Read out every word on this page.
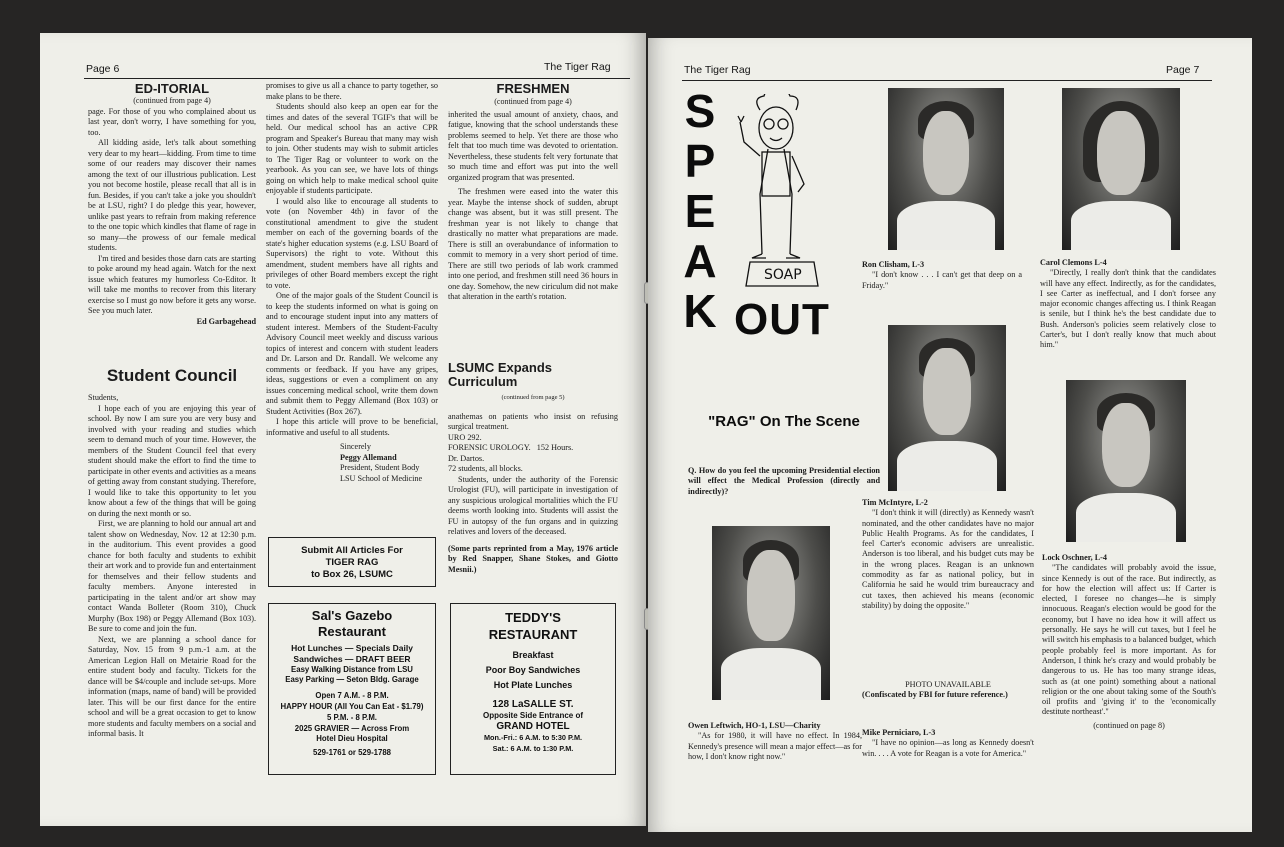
Page 6	The Tiger Rag
ED-ITORIAL
(continued from page 4)

page. For those of you who complained about us last year, don't worry, I have something for you, too.

All kidding aside, let's talk about something very dear to my heart—kidding. From time to time some of our readers may discover their names among the text of our illustrious publication. Lest you not become hostile, please recall that all is in fun. Besides, if you can't take a joke you shouldn't be at LSU, right? I do pledge this year, however, unlike past years to refrain from making reference to the one topic which kindles that flame of rage in so many—the prowess of our female medical students.

I'm tired and besides those darn cats are starting to poke around my head again. Watch for the next issue which features my humorless Co-Editor. It will take me months to recover from this literary exercise so I must go now before it gets any worse. See you much later.

Ed Garbagehead
Student Council

Students,

I hope each of you are enjoying this year of school. By now I am sure you are very busy and involved with your reading and studies which seem to demand much of your time. However, the members of the Student Council feel that every student should make the effort to find the time to participate in other events and activities as a means of getting away from constant studying. Therefore, I would like to take this opportunity to let you know about a few of the things that will be going on during the next month or so.

First, we are planning to hold our annual art and talent show on Wednesday, Nov. 12 at 12:30 p.m. in the auditorium. This event provides a good chance for both faculty and students to exhibit their art work and to provide fun and entertainment for themselves and their fellow students and faculty members. Anyone interested in participating in the talent and/or art show may contact Wanda Bolleter (Room 310), Chuck Murphy (Box 198) or Peggy Allemand (Box 103). Be sure to come and join the fun.

Next, we are planning a school dance for Saturday, Nov. 15 from 9 p.m.-1 a.m. at the American Legion Hall on Metairie Road for the entire student body and faculty. Tickets for the dance will be $4/couple and include set-ups. More information (maps, name of band) will be provided later. This will be our first dance for the entire school and will be a great occasion to get to know more students and faculty members on a social and informal basis. It

promises to give us all a chance to party together, so make plans to be there.

Students should also keep an open ear for the times and dates of the several TGIF's that will be held. Our medical school has an active CPR program and Speaker's Bureau that many may wish to join. Other students may wish to submit articles to The Tiger Rag or volunteer to work on the yearbook. As you can see, we have lots of things going on which help to make medical school quite enjoyable if students participate.

I would also like to encourage all students to vote (on November 4th) in favor of the constitutional amendment to give the student member on each of the governing boards of the state's higher education systems (e.g. LSU Board of Supervisors) the right to vote. Without this amendment, student members have all rights and privileges of other Board members except the right to vote.

One of the major goals of the Student Council is to keep the students informed on what is going on and to encourage student input into any matters of student interest. Members of the Student-Faculty Advisory Council meet weekly and discuss various topics of interest and concern with student leaders and Dr. Larson and Dr. Randall. We welcome any comments or feedback. If you have any gripes, ideas, suggestions or even a compliment on any issues concerning medical school, write them down and submit them to Peggy Allemand (Box 103) or Student Activities (Box 267).

I hope this article will prove to be beneficial, informative and useful to all students.

Sincerely
Peggy Allemand
President, Student Body
LSU School of Medicine
Submit All Articles For
TIGER RAG
to Box 26, LSUMC
Sal's Gazebo
Restaurant
Hot Lunches — Specials Daily
Sandwiches — DRAFT BEER
Easy Walking Distance from LSU
Easy Parking — Seton Bldg. Garage
Open 7 A.M. - 8 P.M.
HAPPY HOUR (All You Can Eat - $1.79)
5 P.M. - 8 P.M.
2025 GRAVIER — Across From
Hotel Dieu Hospital
529-1761 or 529-1788
FRESHMEN
(continued from page 4)

inherited the usual amount of anxiety, chaos, and fatigue, knowing that the school understands these problems seemed to help. Yet there are those who felt that too much time was devoted to orientation. Nevertheless, these students felt very fortunate that so much time and effort was put into the well organized program that was presented.

The freshmen were eased into the water this year. Maybe the intense shock of sudden, abrupt change was absent, but it was still present. The freshman year is not likely to change that drastically no matter what preparations are made. There is still an overabundance of information to commit to memory in a very short period of time. There are still two periods of lab work crammed into one period, and freshmen still need 36 hours in one day. Somehow, the new ciriculum did not make that alteration in the earth's rotation.

LSUMC Expands Curriculum
(continued from page 5)

anathemas on patients who insist on refusing surgical treatment.

URO 292.

FORENSIC UROLOGY. 152 Hours.

Dr. Dartos.

72 students, all blocks.

Students, under the authority of the Forensic Urologist (FU), will participate in investigation of any suspicious urological mortalities which the FU deems worth looking into. Students will assist the FU in autopsy of the fun organs and in quizzing relatives and lovers of the deceased.

(Some parts reprinted from a May, 1976 article by Red Snapper, Shane Stokes, and Giotto Mesnii.)

TEDDY'S
RESTAURANT
Breakfast
Poor Boy Sandwiches
Hot Plate Lunches
128 LaSALLE ST.
Opposite Side Entrance of
GRAND HOTEL
Mon.-Fri.: 6 A.M. to 5:30 P.M.
Sat.: 6 A.M. to 1:30 P.M.
The Tiger Rag	Page 7
S
P
E
A
K OUT
SOAP
"RAG" On The Scene
Q. How do you feel the upcoming Presidential election will effect the Medical Profession (directly and indirectly)?
Owen Leftwich, HO-1, LSU—Charity
"As for 1980, it will have no effect. In 1984, Kennedy's presence will mean a major effect—as for how, I don't know right now."
Ron Clisham, L-3
"I don't know . . . I can't get that deep on a Friday."
Carol Clemons L-4
"Directly, I really don't think that the candidates will have any effect. Indirectly, as for the candidates, I see Carter as ineffectual, and I don't forsee any major economic changes affecting us. I think Reagan is senile, but I think he's the best candidate due to Bush. Anderson's policies seem relatively close to Carter's, but I don't really know that much about him."
Tim McIntyre, L-2
"I don't think it will (directly) as Kennedy wasn't nominated, and the other candidates have no major Public Health Programs. As for the candidates, I feel Carter's economic advisers are unrealistic. Anderson is too liberal, and his budget cuts may be in the wrong places. Reagan is an unknown commodity as far as national policy, but in California he said he would trim bureaucracy and cut taxes, then achieved his means (economic stability) by doing the opposite."
Lock Oschner, L-4
"The candidates will probably avoid the issue, since Kennedy is out of the race. But indirectly, as for how the election will affect us: If Carter is elected, I foresee no changes—he is simply innocuous. Reagan's election would be good for the economy, but I have no idea how it will affect us personally. He says he will cut taxes, but I feel he will switch his emphasis to a balanced budget, which people probably feel is more important. As for Anderson, I think he's crazy and would probably be dangerous to us. He has too many strange ideas, such as (at one point) something about a national religion or the one about taking some of the South's oil profits and 'giving it' to the 'economically destitute northeast'."
(continued on page 8)
PHOTO UNAVAILABLE
(Confiscated by FBI for future reference.)
Mike Perniciaro, L-3
"I have no opinion—as long as Kennedy doesn't win. . . . A vote for Reagan is a vote for America."
